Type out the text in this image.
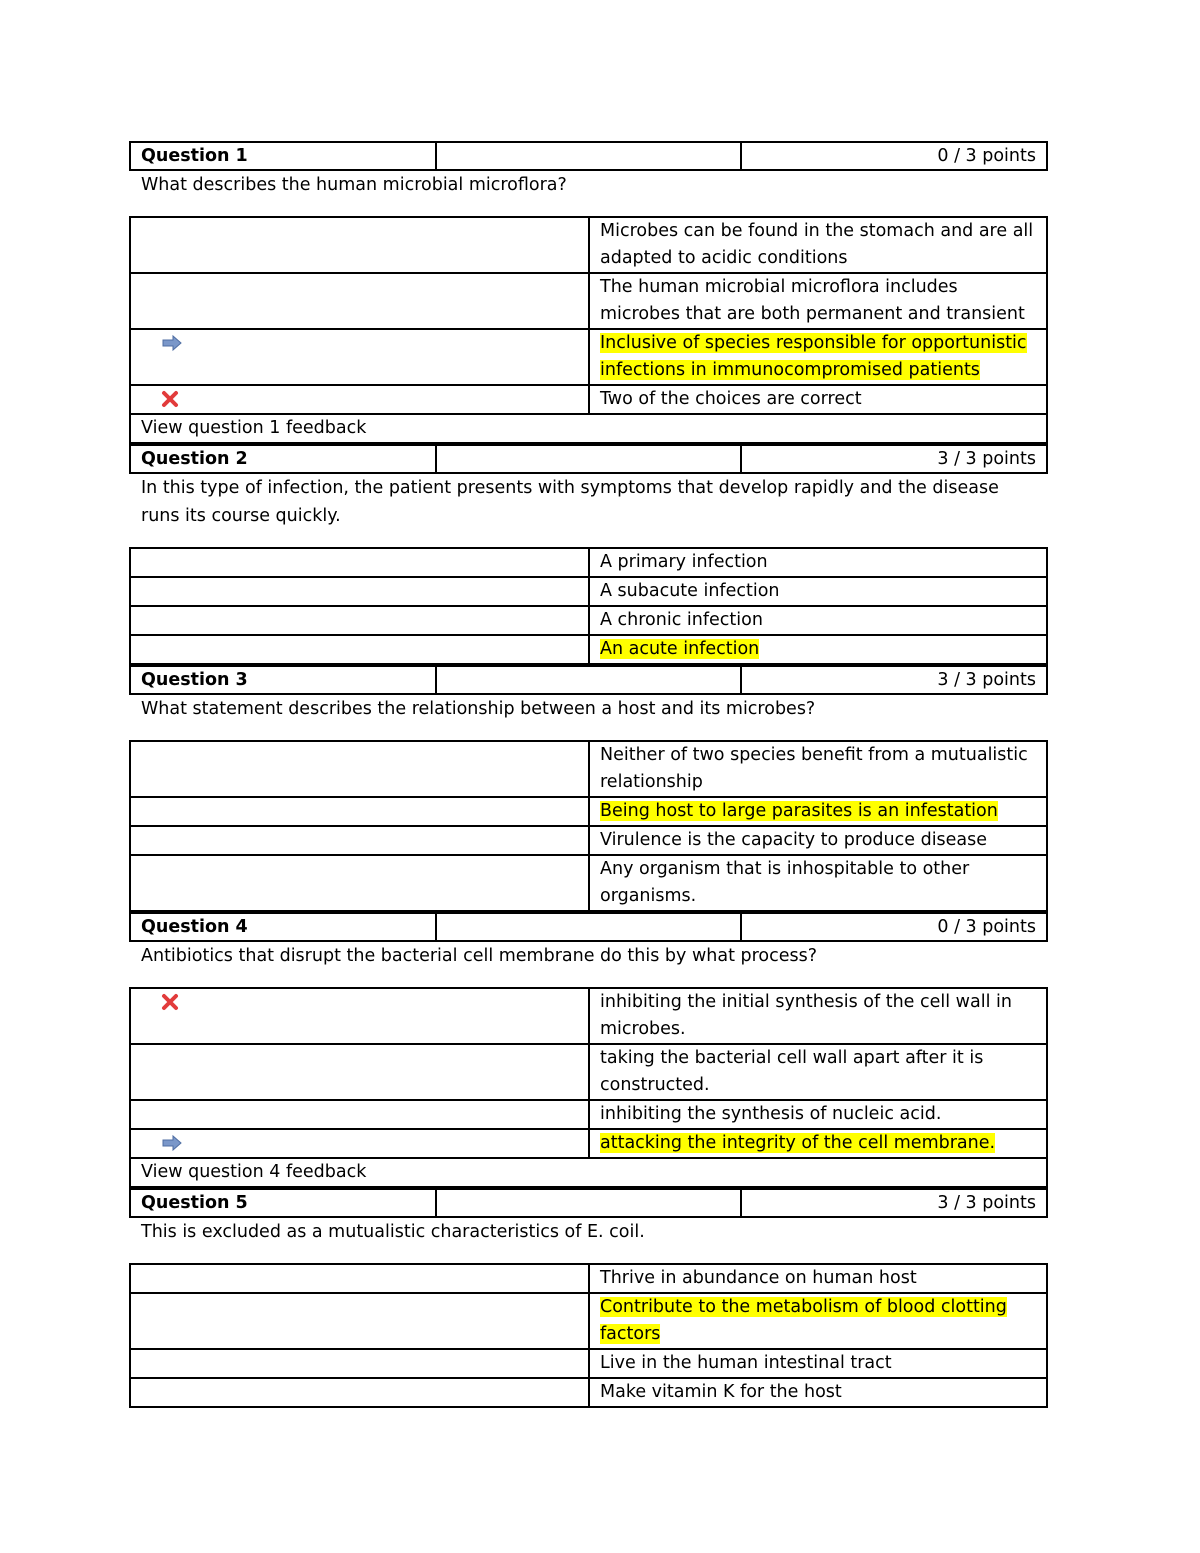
Question 1		0 / 3 points
What describes the human microbial microflora?
	Microbes can be found in the stomach and are all adapted to acidic conditions
	The human microbial microflora includes microbes that are both permanent and transient

	Inclusive of species responsible for opportunistic infections in immunocompromised patients

	Two of the choices are correct
View question 1 feedback	
Question 2		3 / 3 points
In this type of infection, the patient presents with symptoms that develop rapidly and the disease runs its course quickly.
	A primary infection
	A subacute infection
	A chronic infection
	An acute infection
Question 3		3 / 3 points
What statement describes the relationship between a host and its microbes?
	Neither of two species benefit from a mutualistic relationship
	Being host to large parasites is an infestation
	Virulence is the capacity to produce disease
	Any organism that is inhospitable to other organisms.
Question 4		0 / 3 points
Antibiotics that disrupt the bacterial cell membrane do this by what process?
	inhibiting the initial synthesis of the cell wall in microbes.
	taking the bacterial cell wall apart after it is constructed.
	inhibiting the synthesis of nucleic acid.

	attacking the integrity of the cell membrane.
View question 4 feedback	
Question 5		3 / 3 points
This is excluded as a mutualistic characteristics of E. coil.
	Thrive in abundance on human host
	Contribute to the metabolism of blood clotting factors
	Live in the human intestinal tract
	Make vitamin K for the host
